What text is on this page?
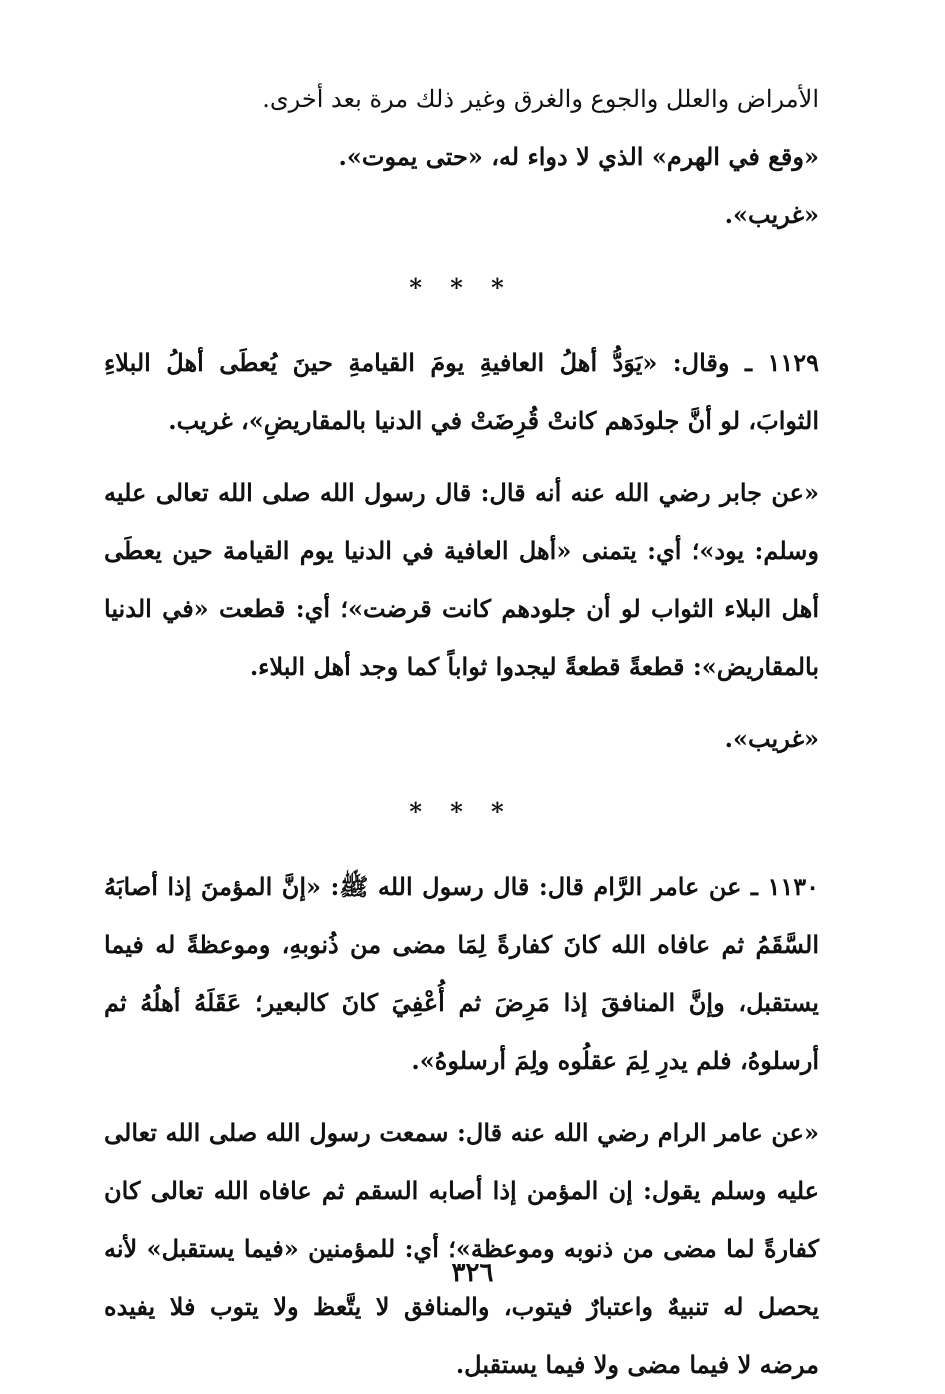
الأمراض والعلل والجوع والغرق وغير ذلك مرة بعد أخرى.

«وقع في الهرم» الذي لا دواء له، «حتى يموت».

«غريب».

* * *

١١٢٩ ـ وقال: «يَوَدُّ أهلُ العافيةِ يومَ القيامةِ حينَ يُعطَى أهلُ البلاءِ الثوابَ، لو أنَّ جلودَهم كانتْ قُرِضَتْ في الدنيا بالمقاريضِ»، غريب.

«عن جابر رضي الله عنه أنه قال: قال رسول الله صلى الله تعالى عليه وسلم: يود»؛ أي: يتمنى «أهل العافية في الدنيا يوم القيامة حين يعطَى أهل البلاء الثواب لو أن جلودهم كانت قرضت»؛ أي: قطعت «في الدنيا بالمقاريض»: قطعةً قطعةً ليجدوا ثواباً كما وجد أهل البلاء.

«غريب».

* * *

١١٣٠ ـ عن عامر الرَّام قال: قال رسول الله ﷺ: «إنَّ المؤمنَ إذا أصابَهُ السَّقَمُ ثم عافاه الله كانَ كفارةً لِمَا مضى من ذُنوبهِ، وموعظةً له فيما يستقبل، وإنَّ المنافقَ إذا مَرِضَ ثم أُعْفِيَ كانَ كالبعير؛ عَقَلَهُ أهلُهُ ثم أرسلوهُ، فلم يدرِ لِمَ عقلُوه ولِمَ أرسلوهُ».

«عن عامر الرام رضي الله عنه قال: سمعت رسول الله صلى الله تعالى عليه وسلم يقول: إن المؤمن إذا أصابه السقم ثم عافاه الله تعالى كان كفارةً لما مضى من ذنوبه وموعظة»؛ أي: للمؤمنين «فيما يستقبل» لأنه يحصل له تنبيهٌ واعتبارٌ فيتوب، والمنافق لا يتَّعظ ولا يتوب فلا يفيده مرضه لا فيما مضى ولا فيما يستقبل.

٣٢٦
